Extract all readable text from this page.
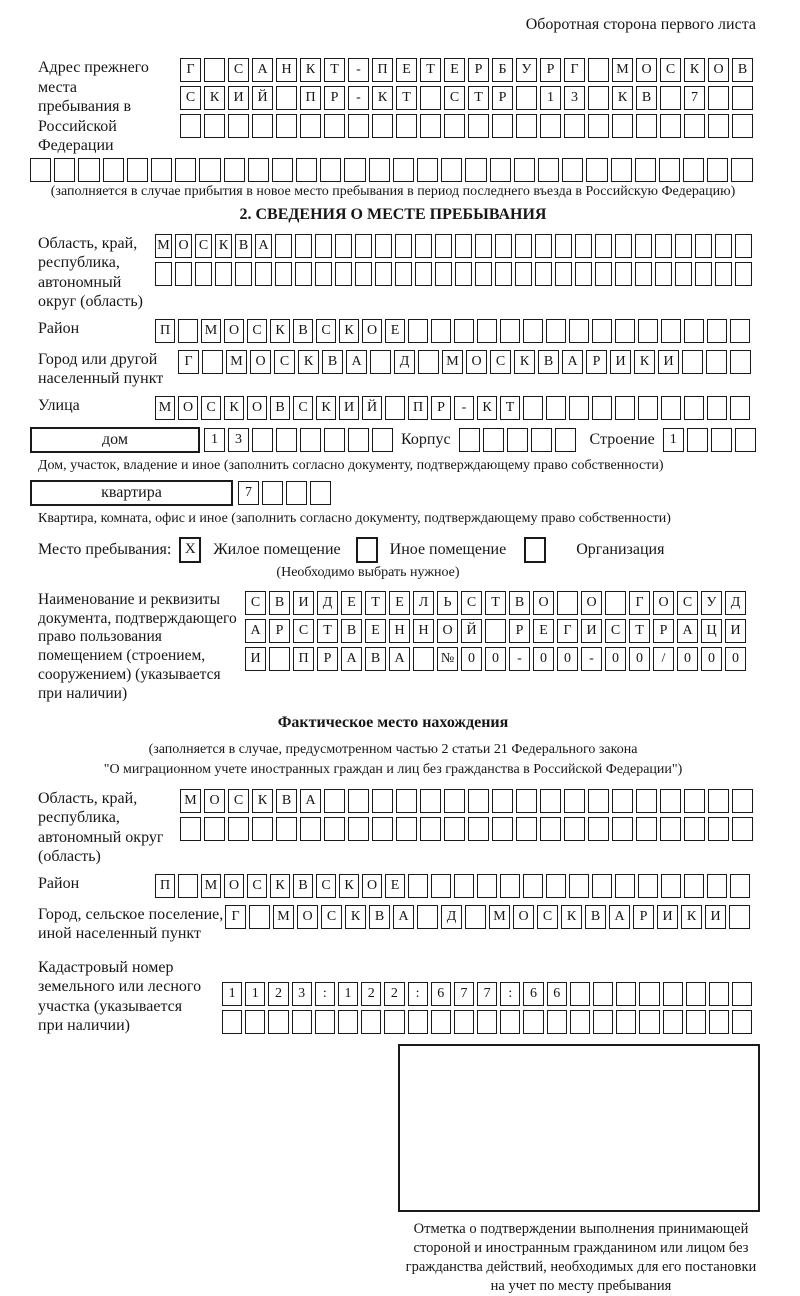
Оборотная сторона первого листа
Адрес прежнего места пребывания в Российской Федерации
Г	С	А Н	К	Т	-	П	Е	Т	Е	Р	Б	У	Р	Г	М О	С	К	О	В
С	К	И Й	П	Р	-	К	Т	С	Т	Р	1	3	К	В	7
(заполняется в случае прибытия в новое место пребывания в период последнего въезда в Российскую Федерацию)
2. СВЕДЕНИЯ О МЕСТЕ ПРЕБЫВАНИЯ
Область, край, республика, автономный округ (область)
М О С К В А
Район	П	М О С К В С К О Е
Город или другой населенный пункт
Г	М О	С	К	В	А	Д	М О	С	К	В	А	Р	И	К	И
Улица	М О С К О В С К И Й	П	Р	-	К	Т
дом	1	3	Корпус	Строение	1
Дом, участок, владение и иное (заполнить согласно документу, подтверждающему право собственности)
квартира	7
Квартира, комната, офис и иное (заполнить согласно документу, подтверждающему право собственности)
Место пребывания: X	Жилое помещение	Иное помещение	Организация
(Необходимо выбрать нужное)
Наименование и реквизиты документа, подтверждающего право пользования помещением (строением, сооружением) (указывается при наличии)
С	В	И	Д	Е	Т	Е	Л	Ь	С	Т	В	О	О	Г	О	С	У	Д
А	Р	С	Т	В	Е	Н Н О Й	Р	Е	Г	И	С	Т	Р	А Ц И
И	П	Р	А	В	А	№ 0	0	-	0	0	-	0	0	/	0	0	0
Фактическое место нахождения
(заполняется в случае, предусмотренном частью 2 статьи 21 Федерального закона
"О миграционном учете иностранных граждан и лиц без гражданства в Российской Федерации")
Область, край, республика, автономный округ (область)
М О	С	К	В	А
Район	П	М О С К В С К О Е
Город, сельское поселение, иной населенный пункт
Г	М О	С	К	В	А	Д	М О	С	К	В	А	Р	И	К	И
Кадастровый номер земельного или лесного участка (указывается при наличии)
1	1	2	3	:	1	2	2	:	6	7	7	:	6	6
Отметка о подтверждении выполнения принимающей
стороной и иностранным гражданином или лицом без
гражданства действий, необходимых для его постановки
на учет по месту пребывания
